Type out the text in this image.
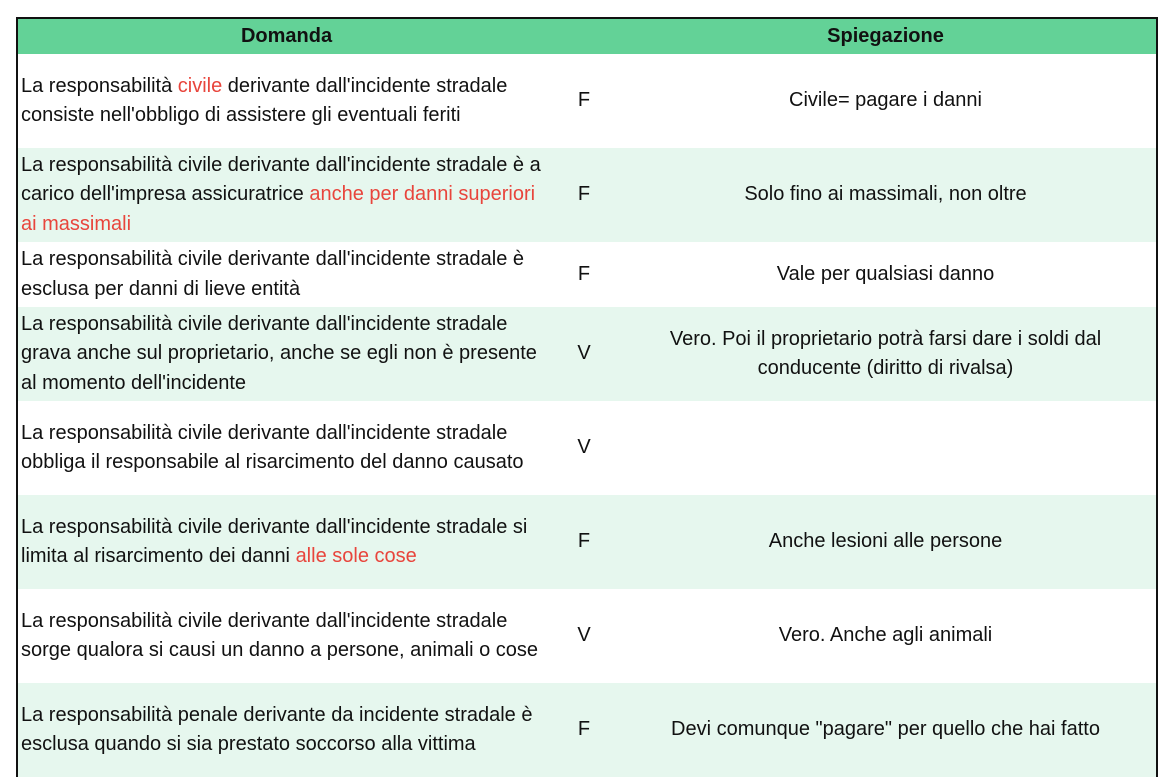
Domanda		Spiegazione
La responsabilità civile derivante dall'incidente stradale consiste nell'obbligo di assistere gli eventuali feriti	F	Civile= pagare i danni
La responsabilità civile derivante dall'incidente stradale è a carico dell'impresa assicuratrice anche per danni superiori ai massimali	F	Solo fino ai massimali, non oltre
La responsabilità civile derivante dall'incidente stradale è esclusa per danni di lieve entità	F	Vale per qualsiasi danno
La responsabilità civile derivante dall'incidente stradale grava anche sul proprietario, anche se egli non è presente al momento dell'incidente	V	Vero. Poi il proprietario potrà farsi dare i soldi dal conducente (diritto di rivalsa)
La responsabilità civile derivante dall'incidente stradale obbliga il responsabile al risarcimento del danno causato	V	
La responsabilità civile derivante dall'incidente stradale si limita al risarcimento dei danni alle sole cose	F	Anche lesioni alle persone
La responsabilità civile derivante dall'incidente stradale sorge qualora si causi un danno a persone, animali o cose	V	Vero. Anche agli animali
La responsabilità penale derivante da incidente stradale è esclusa quando si sia prestato soccorso alla vittima	F	Devi comunque "pagare" per quello che hai fatto
